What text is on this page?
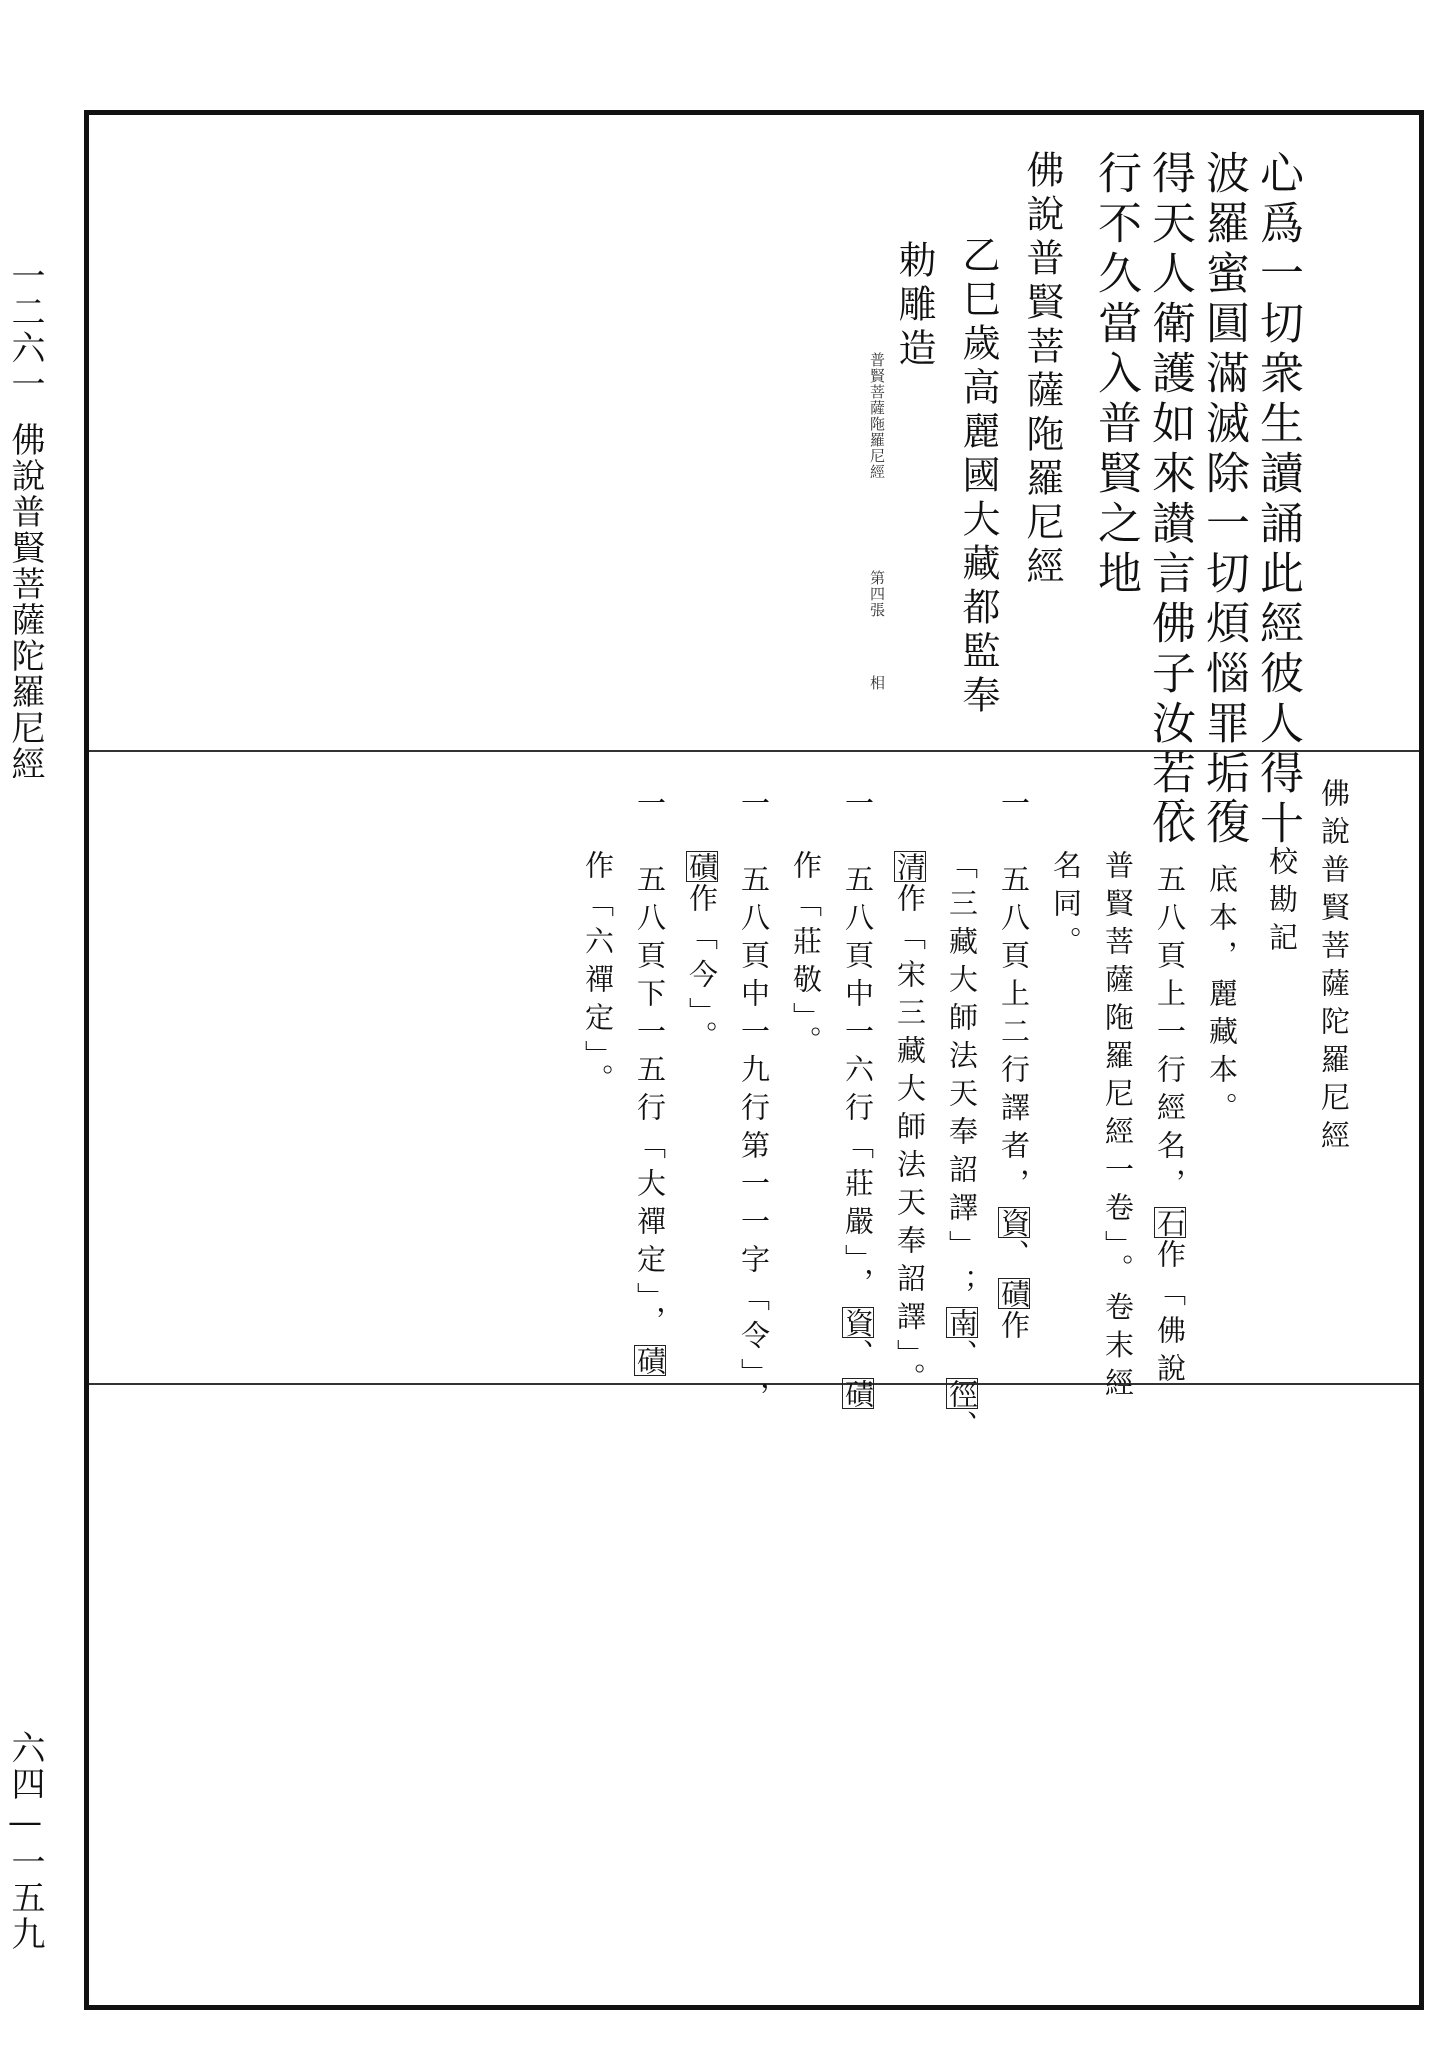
一二六一佛說普賢菩薩陀羅尼經
六四—一五九
心爲一切衆生讀誦此經彼人得十
波羅蜜圓滿滅除一切煩惱罪垢復
得天人衛護如來讃言佛子汝若依
行不久當入普賢之地
佛說普賢菩薩陁羅尼經
乙巳歲高麗國大藏都監奉
勅雕造
普賢菩薩陁羅尼經
第四張
相
佛說普賢菩薩陀羅尼經
校勘記
一　底本，麗藏本。
一　五八頁上一行經名，石作「佛說
普賢菩薩陁羅尼經一卷」。卷末經
名同。
一　五八頁上二行譯者，資、磧作
「三藏大師法天奉詔譯」；南、徑、
清作「宋三藏大師法天奉詔譯」。
一　五八頁中一六行「莊嚴」，資、磧
作「莊敬」。
一　五八頁中一九行第一一字「令」，
磧作「今」。
一　五八頁下一五行「大禪定」，磧
作「六禪定」。
